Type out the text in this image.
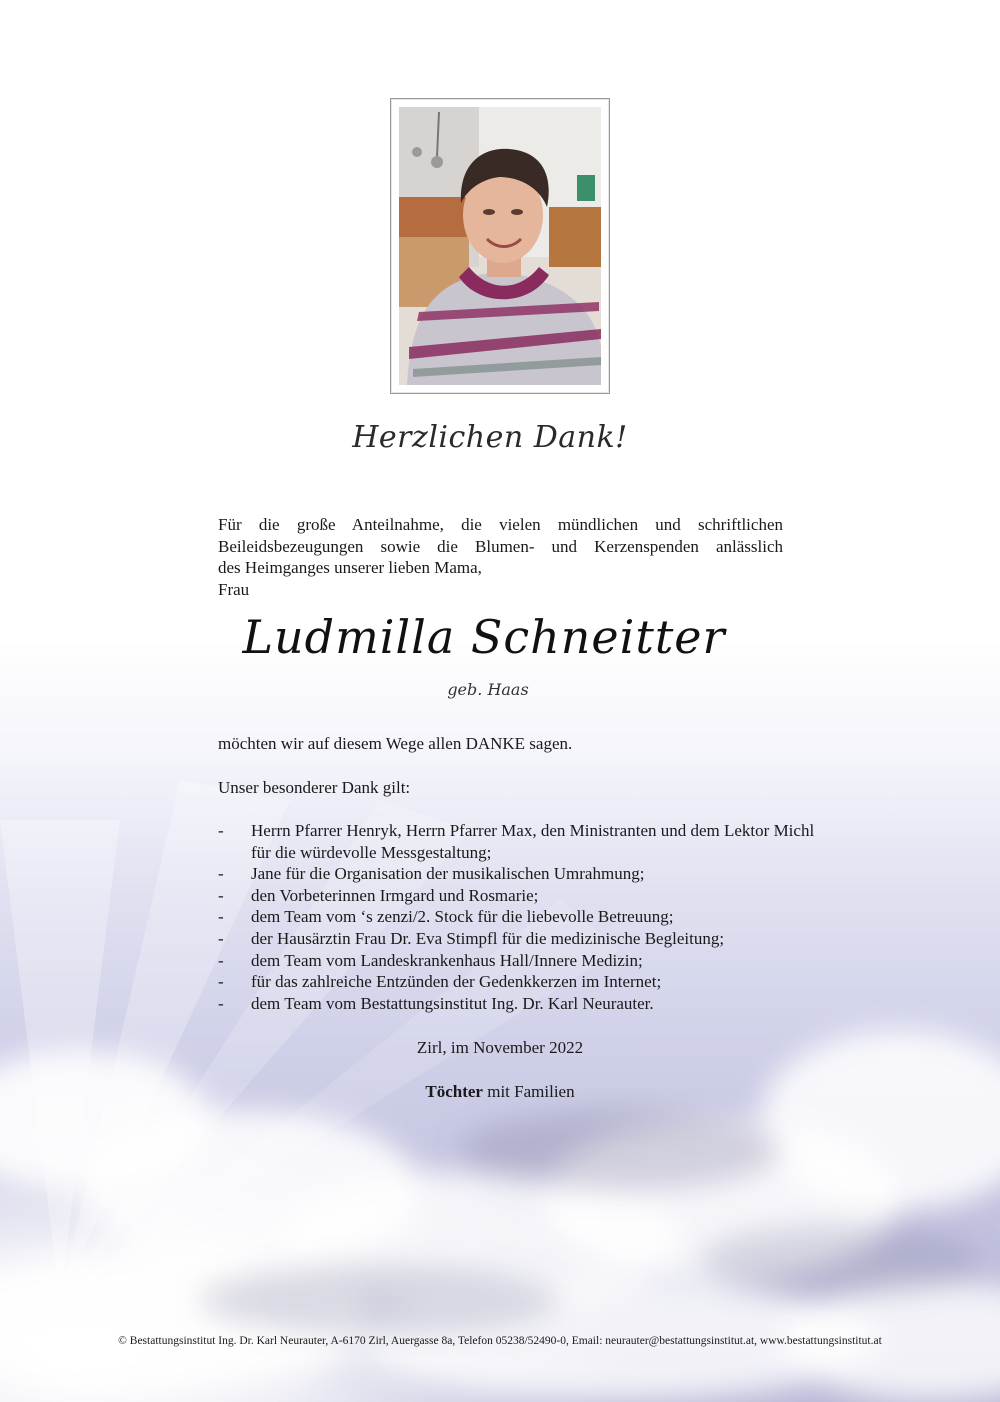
Herzlichen Dank!
Für die große Anteilnahme, die vielen mündlichen und schriftlichen
Beileidsbezeugungen sowie die Blumen- und Kerzenspenden anlässlich
des Heimganges unserer lieben Mama,
Frau
Ludmilla Schneitter
geb. Haas
möchten wir auf diesem Wege allen DANKE sagen.
Unser besonderer Dank gilt:
- Herrn Pfarrer Henryk, Herrn Pfarrer Max, den Ministranten und dem Lektor Michl für die würdevolle Messgestaltung;
- Jane für die Organisation der musikalischen Umrahmung;
- den Vorbeterinnen Irmgard und Rosmarie;
- dem Team vom ‘s zenzi/2. Stock für die liebevolle Betreuung;
- der Hausärztin Frau Dr. Eva Stimpfl für die medizinische Begleitung;
- dem Team vom Landeskrankenhaus Hall/Innere Medizin;
- für das zahlreiche Entzünden der Gedenkkerzen im Internet;
- dem Team vom Bestattungsinstitut Ing. Dr. Karl Neurauter.
Zirl, im November 2022
Töchter mit Familien
© Bestattungsinstitut Ing. Dr. Karl Neurauter, A-6170 Zirl, Auergasse 8a, Telefon 05238/52490-0, Email: neurauter@bestattungsinstitut.at, www.bestattungsinstitut.at
